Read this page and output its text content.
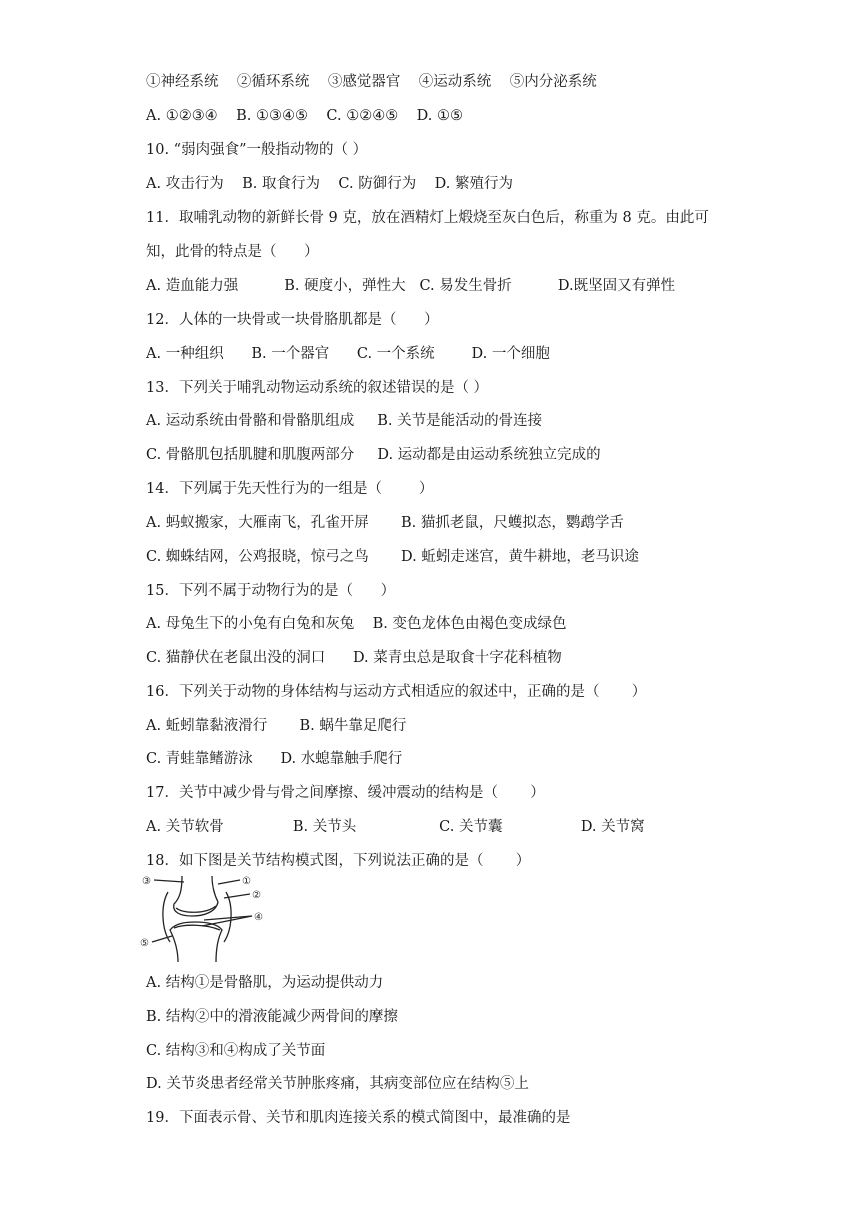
①神经系统    ②循环系统    ③感觉器官    ④运动系统    ⑤内分泌系统
A. ①②③④    B. ①③④⑤    C. ①②④⑤    D. ①⑤
10. “弱肉强食”一般指动物的（ ）
A. 攻击行为    B. 取食行为    C. 防御行为    D. 繁殖行为
11．取哺乳动物的新鲜长骨 9 克，放在酒精灯上煅烧至灰白色后，称重为 8 克。由此可
知，此骨的特点是（      ）
A. 造血能力强          B. 硬度小，弹性大   C. 易发生骨折          D.既坚固又有弹性
12．人体的一块骨或一块骨胳肌都是（      ）
A. 一种组织      B. 一个器官      C. 一个系统        D. 一个细胞
13．下列关于哺乳动物运动系统的叙述错误的是（ ）
A. 运动系统由骨骼和骨骼肌组成     B. 关节是能活动的骨连接
C. 骨骼肌包括肌腱和肌腹两部分     D. 运动都是由运动系统独立完成的
14．下列属于先天性行为的一组是（        ）
A. 蚂蚁搬家，大雁南飞，孔雀开屏       B. 猫抓老鼠，尺蠖拟态，鹦鹉学舌
C. 蜘蛛结网，公鸡报晓，惊弓之鸟       D. 蚯蚓走迷宫，黄牛耕地，老马识途
15．下列不属于动物行为的是（      ）
A. 母兔生下的小兔有白兔和灰兔    B. 变色龙体色由褐色变成绿色
C. 猫静伏在老鼠出没的洞口      D. 菜青虫总是取食十字花科植物
16．下列关于动物的身体结构与运动方式相适应的叙述中，正确的是（       ）
A. 蚯蚓靠黏液滑行       B. 蜗牛靠足爬行
C. 青蛙靠鳍游泳      D. 水螅靠触手爬行
17．关节中减少骨与骨之间摩擦、缓冲震动的结构是（       ）
A. 关节软骨               B. 关节头                  C. 关节囊                 D. 关节窝
18．如下图是关节结构模式图，下列说法正确的是（       ）
③	①
②
④
⑤
A. 结构①是骨骼肌，为运动提供动力
B. 结构②中的滑液能减少两骨间的摩擦
C. 结构③和④构成了关节面
D. 关节炎患者经常关节肿胀疼痛，其病变部位应在结构⑤上
19．下面表示骨、关节和肌肉连接关系的模式简图中，最准确的是
